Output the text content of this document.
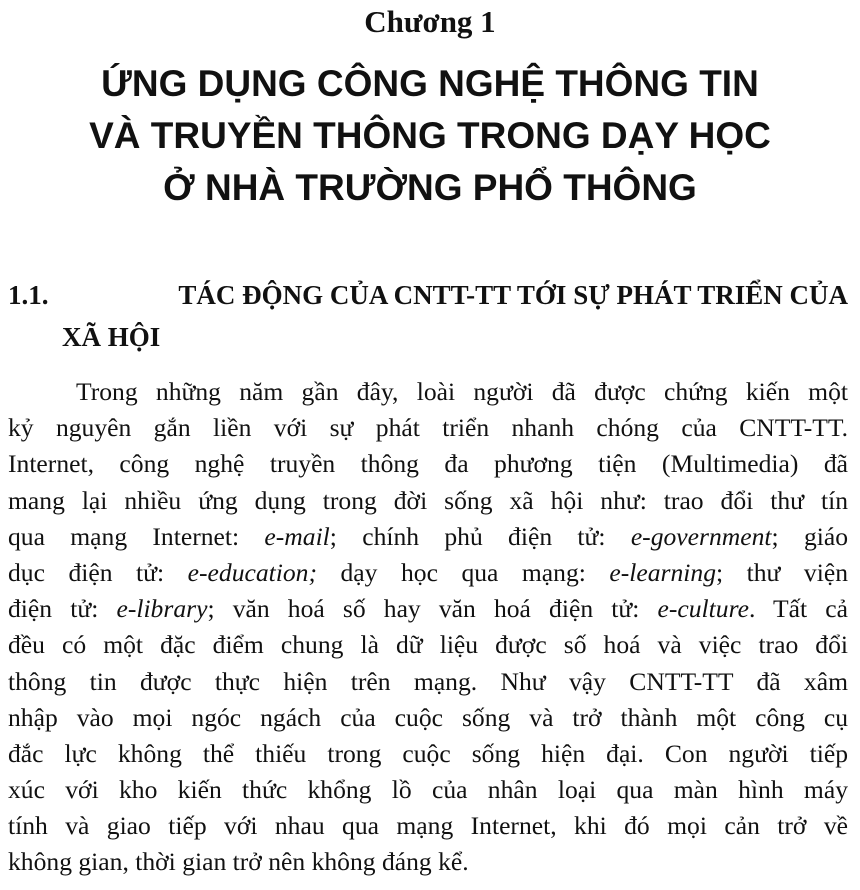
Chương 1
ỨNG DỤNG CÔNG NGHỆ THÔNG TIN
VÀ TRUYỀN THÔNG TRONG DẠY HỌC
Ở NHÀ TRƯỜNG PHỔ THÔNG
1.1.	TÁC ĐỘNG CỦA CNTT-TT TỚI SỰ PHÁT TRIỂN CỦA
XÃ HỘI
Trong những năm gần đây, loài người đã được chứng kiến một
kỷ nguyên gắn liền với sự phát triển nhanh chóng của CNTT-TT.
Internet, công nghệ truyền thông đa phương tiện (Multimedia) đã
mang lại nhiều ứng dụng trong đời sống xã hội như: trao đổi thư tín
qua mạng Internet: e-mail; chính phủ điện tử: e-government; giáo
dục điện tử: e-education; dạy học qua mạng: e-learning; thư viện
điện tử: e-library; văn hoá số hay văn hoá điện tử: e-culture. Tất cả
đều có một đặc điểm chung là dữ liệu được số hoá và việc trao đổi
thông tin được thực hiện trên mạng. Như vậy CNTT-TT đã xâm
nhập vào mọi ngóc ngách của cuộc sống và trở thành một công cụ
đắc lực không thể thiếu trong cuộc sống hiện đại. Con người tiếp
xúc với kho kiến thức khổng lồ của nhân loại qua màn hình máy
tính và giao tiếp với nhau qua mạng Internet, khi đó mọi cản trở về
không gian, thời gian trở nên không đáng kể.
